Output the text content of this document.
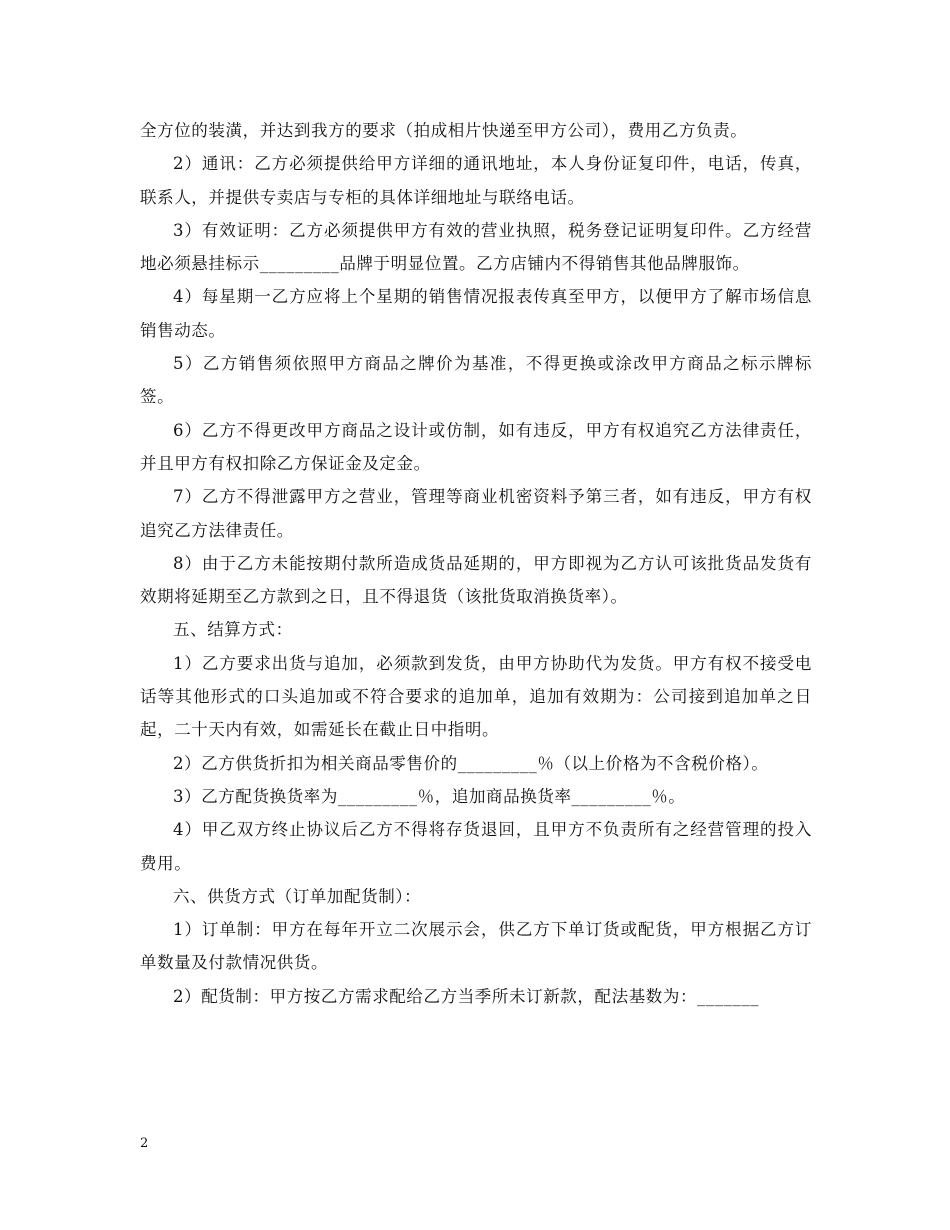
全方位的装潢，并达到我方的要求（拍成相片快递至甲方公司），费用乙方负责。

2）通讯：乙方必须提供给甲方详细的通讯地址，本人身份证复印件，电话，传真，联系人，并提供专卖店与专柜的具体详细地址与联络电话。

3）有效证明：乙方必须提供甲方有效的营业执照，税务登记证明复印件。乙方经营地必须悬挂标示_________品牌于明显位置。乙方店铺内不得销售其他品牌服饰。

4）每星期一乙方应将上个星期的销售情况报表传真至甲方，以便甲方了解市场信息销售动态。

5）乙方销售须依照甲方商品之牌价为基准，不得更换或涂改甲方商品之标示牌标签。

6）乙方不得更改甲方商品之设计或仿制，如有违反，甲方有权追究乙方法律责任，并且甲方有权扣除乙方保证金及定金。

7）乙方不得泄露甲方之营业，管理等商业机密资料予第三者，如有违反，甲方有权追究乙方法律责任。

8）由于乙方未能按期付款所造成货品延期的，甲方即视为乙方认可该批货品发货有效期将延期至乙方款到之日，且不得退货（该批货取消换货率）。

五、结算方式：

1）乙方要求出货与追加，必须款到发货，由甲方协助代为发货。甲方有权不接受电话等其他形式的口头追加或不符合要求的追加单，追加有效期为：公司接到追加单之日起，二十天内有效，如需延长在截止日中指明。

2）乙方供货折扣为相关商品零售价的_________％（以上价格为不含税价格）。

3）乙方配货换货率为_________％，追加商品换货率_________％。

4）甲乙双方终止协议后乙方不得将存货退回，且甲方不负责所有之经营管理的投入费用。

六、供货方式（订单加配货制）：

1）订单制：甲方在每年开立二次展示会，供乙方下单订货或配货，甲方根据乙方订单数量及付款情况供货。

2）配货制：甲方按乙方需求配给乙方当季所未订新款，配法基数为：_______

2
